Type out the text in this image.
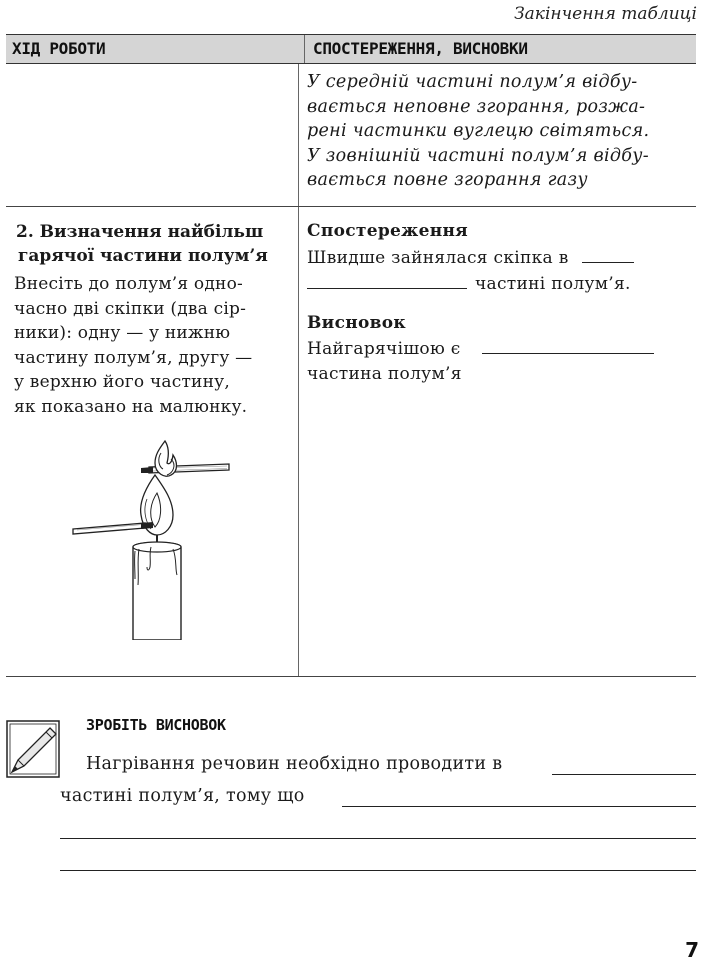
Закінчення таблиці
ХІД РОБОТИ	СПОСТЕРЕЖЕННЯ, ВИСНОВКИ
У середній частині полум’я відбу-
вається неповне згорання, розжа-
рені частинки вуглецю світяться.
У зовнішній частині полум’я відбу-
вається повне згорання газу
2. Визначення найбільш
гарячої частини полум’я
Внесіть до полум’я одно-
часно дві скіпки (два сір-
ники): одну — у нижню
частину полум’я, другу —
у верхню його частину,
як показано на малюнку.
Спостереження
Швидше зайнялася скіпка в
частині полум’я.
Висновок
Найгарячішою є
частина полум’я
ЗРОБІТЬ ВИСНОВОК
Нагрівання речовин необхідно проводити в
частині полум’я, тому що
7
